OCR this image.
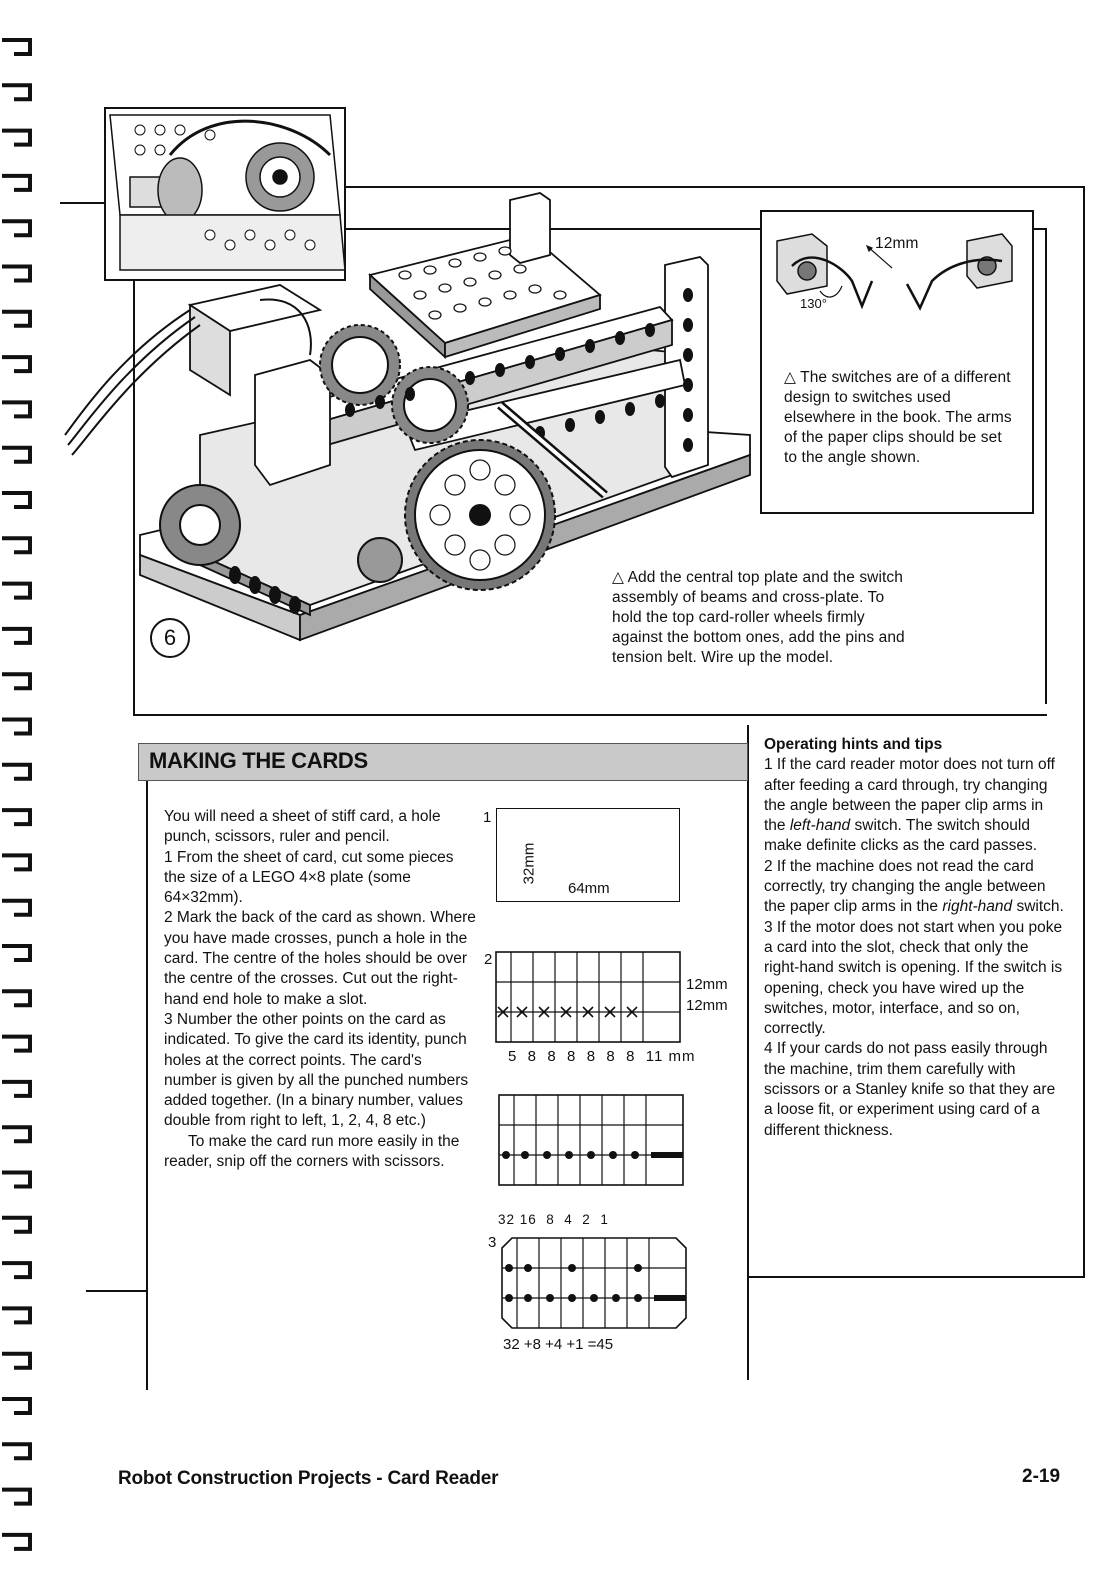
12mm
130°
△ The switches are of a different design to switches used elsewhere in the book. The arms of the paper clips should be set to the angle shown.
6
△ Add the central top plate and the switch assembly of beams and cross-plate. To hold the top card-roller wheels firmly against the bottom ones, add the pins and tension belt. Wire up the model.
MAKING THE CARDS

You will need a sheet of stiff card, a hole punch, scissors, ruler and pencil.

1 From the sheet of card, cut some pieces the size of a LEGO 4×8 plate (some 64×32mm).

2 Mark the back of the card as shown. Where you have made crosses, punch a hole in the card. The centre of the holes should be over the centre of the crosses. Cut out the right-hand end hole to make a slot.

3 Number the other points on the card as indicated. To give the card its identity, punch holes at the correct points. The card's number is given by all the punched numbers added together. (In a binary number, values double from right to left, 1, 2, 4, 8 etc.)

To make the card run more easily in the reader, snip off the corners with scissors.

1
32mm
64mm
2
12mm
12mm
5  8  8  8  8  8  8  11 mm
32 16  8  4  2  1
3
32 +8 +4 +1 =45

Operating hints and tips

1 If the card reader motor does not turn off after feeding a card through, try changing the angle between the paper clip arms in the left-hand switch. The switch should make definite clicks as the card passes.

2 If the machine does not read the card correctly, try changing the angle between the paper clip arms in the right-hand switch.

3 If the motor does not start when you poke a card into the slot, check that only the right-hand switch is opening. If the switch is opening, check you have wired up the switches, motor, interface, and so on, correctly.

4 If your cards do not pass easily through the machine, trim them carefully with scissors or a Stanley knife so that they are a loose fit, or experiment using card of a different thickness.

Robot Construction Projects - Card Reader	2-19
